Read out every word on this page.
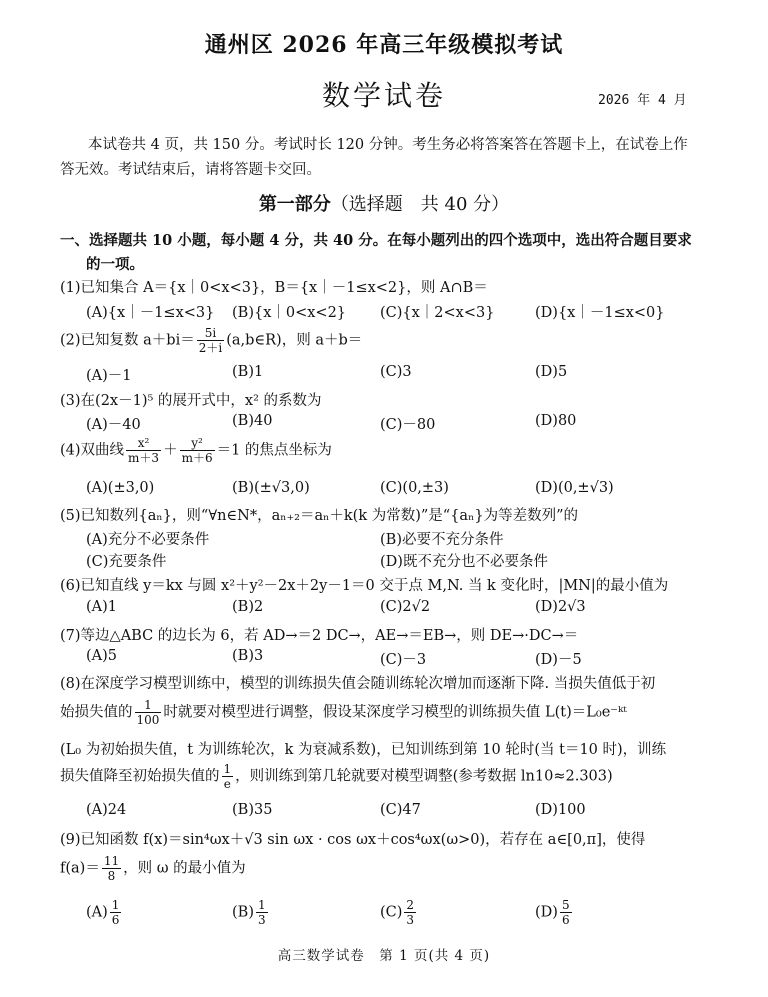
通州区 2026 年高三年级模拟考试
数学试卷	2026 年 4 月
本试卷共 4 页，共 150 分。考试时长 120 分钟。考生务必将答案答在答题卡上，在试卷上作答无效。考试结束后，请将答题卡交回。
第一部分（选择题　共 40 分）
一、选择题共 10 小题，每小题 4 分，共 40 分。在每小题列出的四个选项中，选出符合题目要求
的一项。
(1)已知集合 A＝{x｜0<x<3}，B＝{x｜－1≤x<2}，则 A∩B＝
(A){x｜－1≤x<3} (B){x｜0<x<2} (C){x｜2<x<3}	(D){x｜－1≤x<0}
(2)已知复数 $a+bi= \frac{5i}{2+i}$ (a,b∈R)，则 a＋b＝
(A)－1	(B)1	(C)3	(D)5
(3)在(2x－1)⁵ 的展开式中，x² 的系数为
(A)－40	(B)40	(C)－80	(D)80
(4)双曲线 $\frac{\text{x²}}{m+3} + \frac{\text{y²}}{m+6} =1$ 的焦点坐标为
(A)(±3,0)	(B)(±√3,0)	(C)(0,±3)	(D)(0,±√3)
(5)已知数列{aₙ}，则“∀n∈N*，aₙ₊₂＝aₙ＋k(k 为常数)”是“{aₙ}为等差数列”的
(A)充分不必要条件	(B)必要不充分条件
(C)充要条件	(D)既不充分也不必要条件
(6)已知直线 y＝kx 与圆 x²＋y²－2x＋2y－1＝0 交于点 M,N. 当 k 变化时，|MN|的最小值为
(A)1	(B)2	(C)2√2	(D)2√3
(7)等边△ABC 的边长为 6，若 AD→＝2 DC→，AE→＝EB→，则 DE→·DC→＝
(A)5	(B)3	(C)－3	(D)－5
(8)在深度学习模型训练中，模型的训练损失值会随训练轮次增加而逐渐下降. 当损失值低于初
始损失值的 $\frac{1}{100}$ 时就要对模型进行调整，假设某深度学习模型的训练损失值 L(t)＝L₀e⁻ᵏᵗ
(L₀ 为初始损失值，t 为训练轮次，k 为衰减系数)，已知训练到第 10 轮时(当 t＝10 时)，训练
损失值降至初始损失值的 $\frac{1}{e}$ ，则训练到第几轮就要对模型调整(参考数据 ln10≈2.303)
(A)24	(B)35	(C)47	(D)100
(9)已知函数 f(x)＝sin⁴ωx＋√3 sin ωx · cos ωx＋cos⁴ωx(ω>0)，若存在 a∈[0,π]，使得
$f(a)= \frac{11}{8}$ ，则 ω 的最小值为
$(A) \frac{1}{6}$	$(B) \frac{1}{3}$	$(C) \frac{2}{3}$	$(D) \frac{5}{6}$
高三数学试卷　第 1 页(共 4 页)
